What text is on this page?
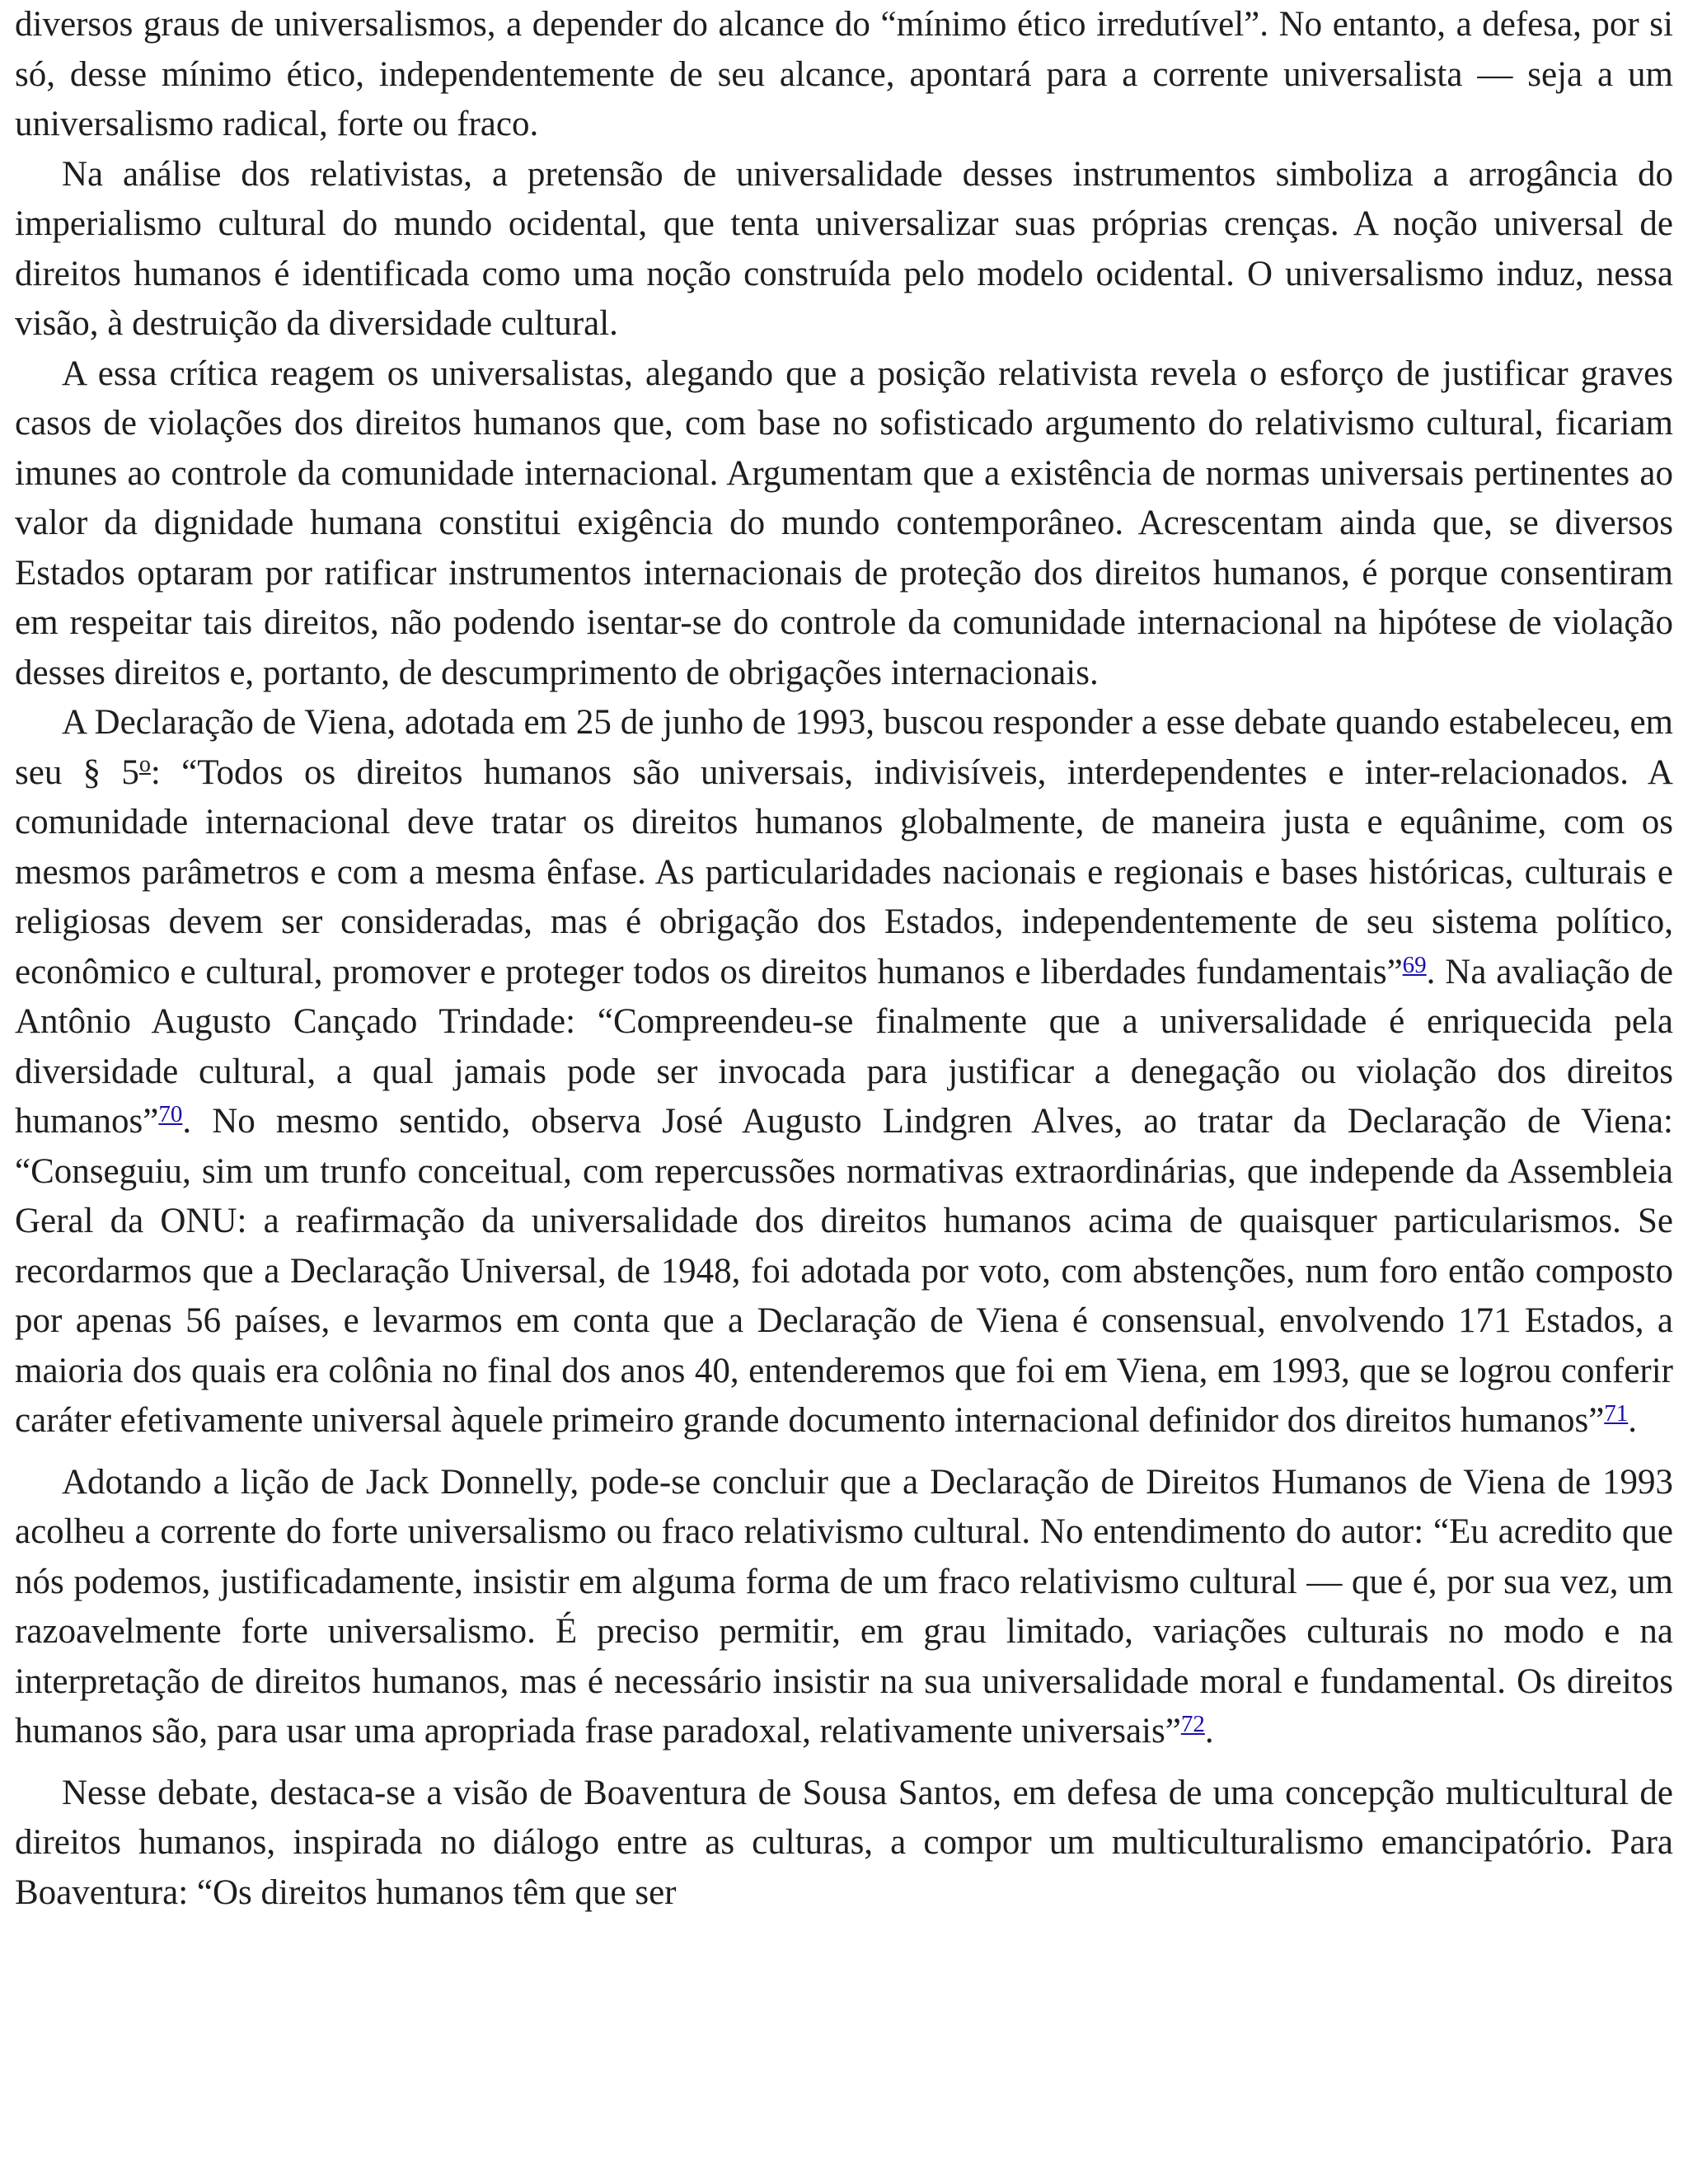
diversos graus de universalismos, a depender do alcance do “mínimo ético irredutível”. No entanto, a defesa, por si só, desse mínimo ético, independentemente de seu alcance, apontará para a corrente universalista — seja a um universalismo radical, forte ou fraco.

Na análise dos relativistas, a pretensão de universalidade desses instrumentos simboliza a arrogância do imperialismo cultural do mundo ocidental, que tenta universalizar suas próprias crenças. A noção universal de direitos humanos é identificada como uma noção construída pelo modelo ocidental. O universalismo induz, nessa visão, à destruição da diversidade cultural.

A essa crítica reagem os universalistas, alegando que a posição relativista revela o esforço de justificar graves casos de violações dos direitos humanos que, com base no sofisticado argumento do relativismo cultural, ficariam imunes ao controle da comunidade internacional. Argumentam que a existência de normas universais pertinentes ao valor da dignidade humana constitui exigência do mundo contemporâneo. Acrescentam ainda que, se diversos Estados optaram por ratificar instrumentos internacionais de proteção dos direitos humanos, é porque consentiram em respeitar tais direitos, não podendo isentar-se do controle da comunidade internacional na hipótese de violação desses direitos e, portanto, de descumprimento de obrigações internacionais.

A Declaração de Viena, adotada em 25 de junho de 1993, buscou responder a esse debate quando estabeleceu, em seu § 5$^o$: “Todos os direitos humanos são universais, indivisíveis, interdependentes e inter-relacionados. A comunidade internacional deve tratar os direitos humanos globalmente, de maneira justa e equânime, com os mesmos parâmetros e com a mesma ênfase. As particularidades nacionais e regionais e bases históricas, culturais e religiosas devem ser consideradas, mas é obrigação dos Estados, independentemente de seu sistema político, econômico e cultural, promover e proteger todos os direitos humanos e liberdades fundamentais”$^{69}$. Na avaliação de Antônio Augusto Cançado Trindade: “Compreendeu-se finalmente que a universalidade é enriquecida pela diversidade cultural, a qual jamais pode ser invocada para justificar a denegação ou violação dos direitos humanos”$^{70}$. No mesmo sentido, observa José Augusto Lindgren Alves, ao tratar da Declaração de Viena: “Conseguiu, sim um trunfo conceitual, com repercussões normativas extraordinárias, que independe da Assembleia Geral da ONU: a reafirmação da universalidade dos direitos humanos acima de quaisquer particularismos. Se recordarmos que a Declaração Universal, de 1948, foi adotada por voto, com abstenções, num foro então composto por apenas 56 países, e levarmos em conta que a Declaração de Viena é consensual, envolvendo 171 Estados, a maioria dos quais era colônia no final dos anos 40, entenderemos que foi em Viena, em 1993, que se logrou conferir caráter efetivamente universal àquele primeiro grande documento internacional definidor dos direitos humanos”$^{71}$.

Adotando a lição de Jack Donnelly, pode-se concluir que a Declaração de Direitos Humanos de Viena de 1993 acolheu a corrente do forte universalismo ou fraco relativismo cultural. No entendimento do autor: “Eu acredito que nós podemos, justificadamente, insistir em alguma forma de um fraco relativismo cultural — que é, por sua vez, um razoavelmente forte universalismo. É preciso permitir, em grau limitado, variações culturais no modo e na interpretação de direitos humanos, mas é necessário insistir na sua universalidade moral e fundamental. Os direitos humanos são, para usar uma apropriada frase paradoxal, relativamente universais”$^{72}$.

Nesse debate, destaca-se a visão de Boaventura de Sousa Santos, em defesa de uma concepção multicultural de direitos humanos, inspirada no diálogo entre as culturas, a compor um multiculturalismo emancipatório. Para Boaventura: “Os direitos humanos têm que ser
